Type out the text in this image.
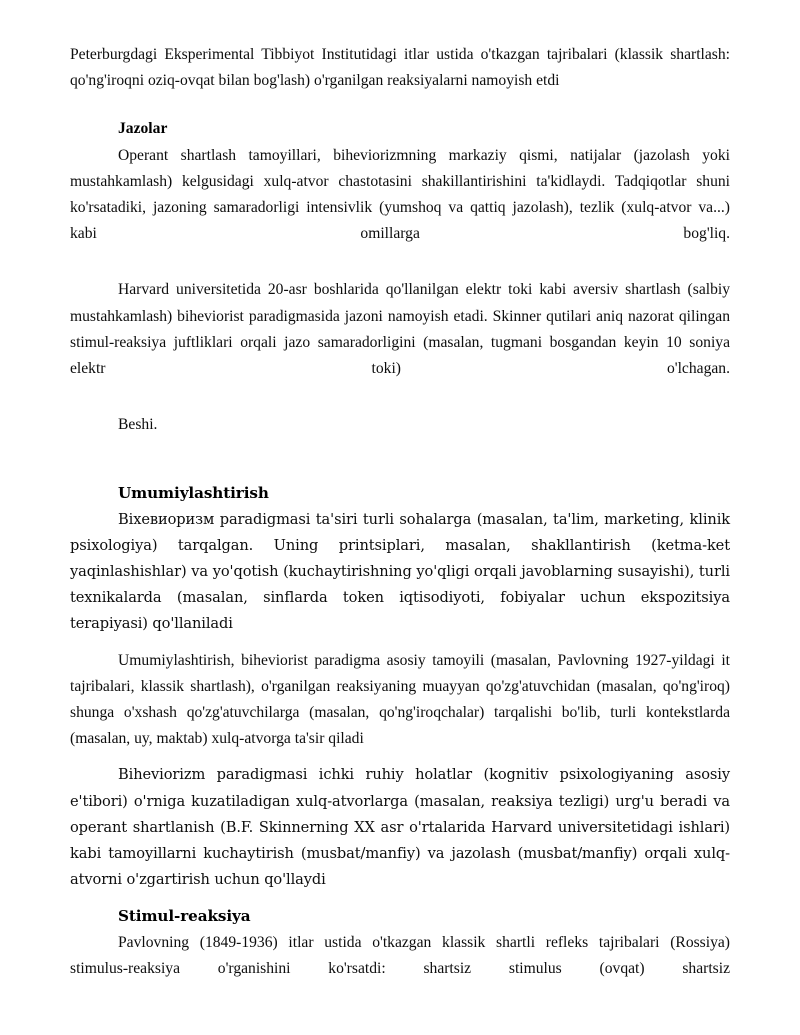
Peterburgdagi Eksperimental Tibbiyot Institutidagi itlar ustida o'tkazgan tajribalari (klassik shartlash: qo'ng'iroqni oziq-ovqat bilan bog'lash) o'rganilgan reaksiyalarni namoyish etdi

Jazolar

Operant shartlash tamoyillari, biheviorizmning markaziy qismi, natijalar (jazolash yoki mustahkamlash) kelgusidagi xulq-atvor chastotasini shakillantirishini ta'kidlaydi. Tadqiqotlar shuni ko'rsatadiki, jazoning samaradorligi intensivlik (yumshoq va qattiq jazolash), tezlik (xulq-atvor va...) kabi omillarga bog'liq.

Harvard universitetida 20-asr boshlarida qo'llanilgan elektr toki kabi aversiv shartlash (salbiy mustahkamlash) biheviorist paradigmasida jazoni namoyish etadi. Skinner qutilari aniq nazorat qilingan stimul-reaksiya juftliklari orqali jazo samaradorligini (masalan, tugmani bosgandan keyin 10 soniya elektr toki) o'lchagan.

Beshi.

Umumiylashtirish

Віхевиоризм paradigmasi ta'siri turli sohalarga (masalan, ta'lim, marketing, klinik psixologiya) tarqalgan. Uning printsiplari, masalan, shakllantirish (ketma-ket yaqinlashishlar) va yo'qotish (kuchaytirishning yo'qligi orqali javoblarning susayishi), turli texnikalarda (masalan, sinflarda token iqtisodiyoti, fobiyalar uchun ekspozitsiya terapiyasi) qo'llaniladi

Umumiylashtirish, biheviorist paradigma asosiy tamoyili (masalan, Pavlovning 1927-yildagi it tajribalari, klassik shartlash), o'rganilgan reaksiyaning muayyan qo'zg'atuvchidan (masalan, qo'ng'iroq) shunga o'xshash qo'zg'atuvchilarga (masalan, qo'ng'iroqchalar) tarqalishi bo'lib, turli kontekstlarda (masalan, uy, maktab) xulq-atvorga ta'sir qiladi

Biheviorizm paradigmasi ichki ruhiy holatlar (kognitiv psixologiyaning asosiy e'tibori) o'rniga kuzatiladigan xulq-atvorlarga (masalan, reaksiya tezligi) urg'u beradi va operant shartlanish (B.F. Skinnerning XX asr o'rtalarida Harvard universitetidagi ishlari) kabi tamoyillarni kuchaytirish (musbat/manfiy) va jazolash (musbat/manfiy) orqali xulq-atvorni o'zgartirish uchun qo'llaydi

Stimul-reaksiya

Pavlovning (1849-1936) itlar ustida o'tkazgan klassik shartli refleks tajribalari (Rossiya) stimulus-reaksiya o'rganishini ko'rsatdi: shartsiz stimulus (ovqat) shartsiz
